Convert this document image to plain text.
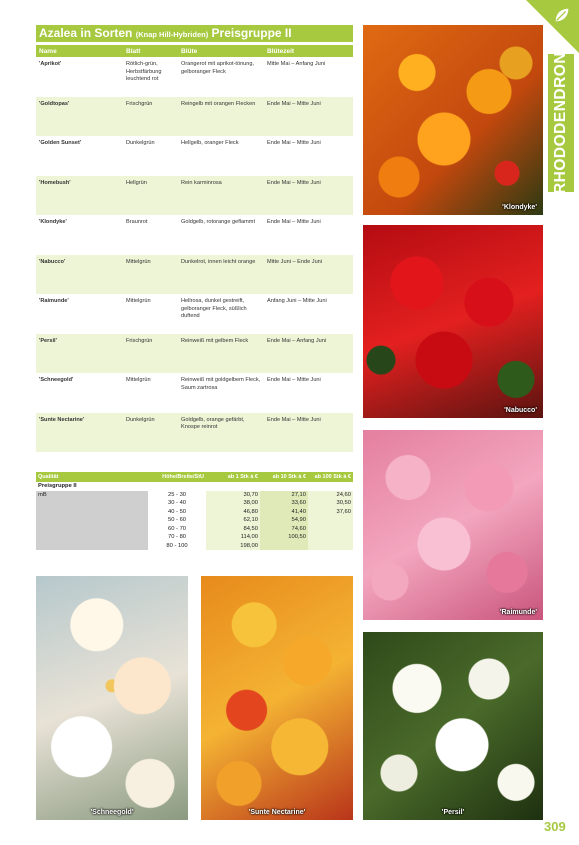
Azalea in Sorten (Knap Hill-Hybriden) Preisgruppe II
Name	Blatt	Blüte	Blütezeit
'Aprikot'	Rötlich-grün, Herbstfärbung leuchtend rot	Orangerot mit aprikot-tönung, gelboranger Fleck	Mitte Mai – Anfang Juni
'Goldtopas'	Frischgrün	Reingelb mit orangen Flecken	Ende Mai – Mitte Juni
'Golden Sunset'	Dunkelgrün	Hellgelb, oranger Fleck	Ende Mai – Mitte Juni
'Homebush'	Hellgrün	Rein karminrosa	Ende Mai – Mitte Juni
'Klondyke'	Braunrot	Goldgelb, rotorange geflammt	Ende Mai – Mitte Juni
'Nabucco'	Mittelgrün	Dunkelrot, innen leicht orange	Mitte Juni – Ende Juni
'Raimunde'	Mittelgrün	Hellrosa, dunkel gestreift, gelboranger Fleck, süßlich duftend	Anfang Juni – Mitte Juni
'Persil'	Frischgrün	Reinweiß mit gelbem Fleck	Ende Mai – Anfang Juni
'Schneegold'	Mittelgrün	Reinweiß mit goldgelbem Fleck, Saum zartrosa	Ende Mai – Mitte Juni
'Sunte Nectarine'	Dunkelgrün	Goldgelb, orange gefärbt, Knospe reinrot	Ende Mai – Mitte Juni
Qualität	Höhe/Breite/StU	ab 1 Stk à €	ab 10 Stk à €	ab 100 Stk à €
Preisgruppe II				
mB	25 - 30	30,70	27,10	24,60
	30 - 40	38,00	33,60	30,50
	40 - 50	46,80	41,40	37,60
	50 - 60	62,10	54,90	
	60 - 70	84,50	74,60	
	70 - 80	114,00	100,50	
	80 - 100	198,00		
'Klondyke'
'Nabucco'
'Raimunde'
'Persil'
'Schneegold'	'Sunte Nectarine'
RHODODENDRON
309
